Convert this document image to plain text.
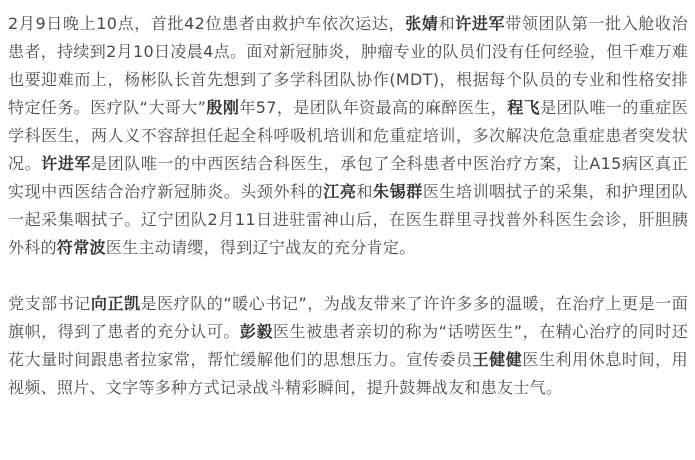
2月9日晚上10点，首批42位患者由救护车依次运达，张婧和许进军带领团队第一批入舱收治患者，持续到2月10日凌晨4点。面对新冠肺炎，肿瘤专业的队员们没有任何经验，但千难万难也要迎难而上，杨彬队长首先想到了多学科团队协作(MDT)，根据每个队员的专业和性格安排特定任务。医疗队“大哥大”殷刚年57，是团队年资最高的麻醉医生，程飞是团队唯一的重症医学科医生，两人义不容辞担任起全科呼吸机培训和危重症培训，多次解决危急重症患者突发状况。许进军是团队唯一的中西医结合科医生，承包了全科患者中医治疗方案，让A15病区真正实现中西医结合治疗新冠肺炎。头颈外科的江亮和朱锡群医生培训咽拭子的采集，和护理团队一起采集咽拭子。辽宁团队2月11日进驻雷神山后，在医生群里寻找普外科医生会诊，肝胆胰外科的符常波医生主动请缨，得到辽宁战友的充分肯定。

党支部书记向正凯是医疗队的“暖心书记”，为战友带来了许许多多的温暖，在治疗上更是一面旗帜，得到了患者的充分认可。彭毅医生被患者亲切的称为“话唠医生”，在精心治疗的同时还花大量时间跟患者拉家常，帮忙缓解他们的思想压力。宣传委员王健健医生利用休息时间，用视频、照片、文字等多种方式记录战斗精彩瞬间，提升鼓舞战友和患友士气。
